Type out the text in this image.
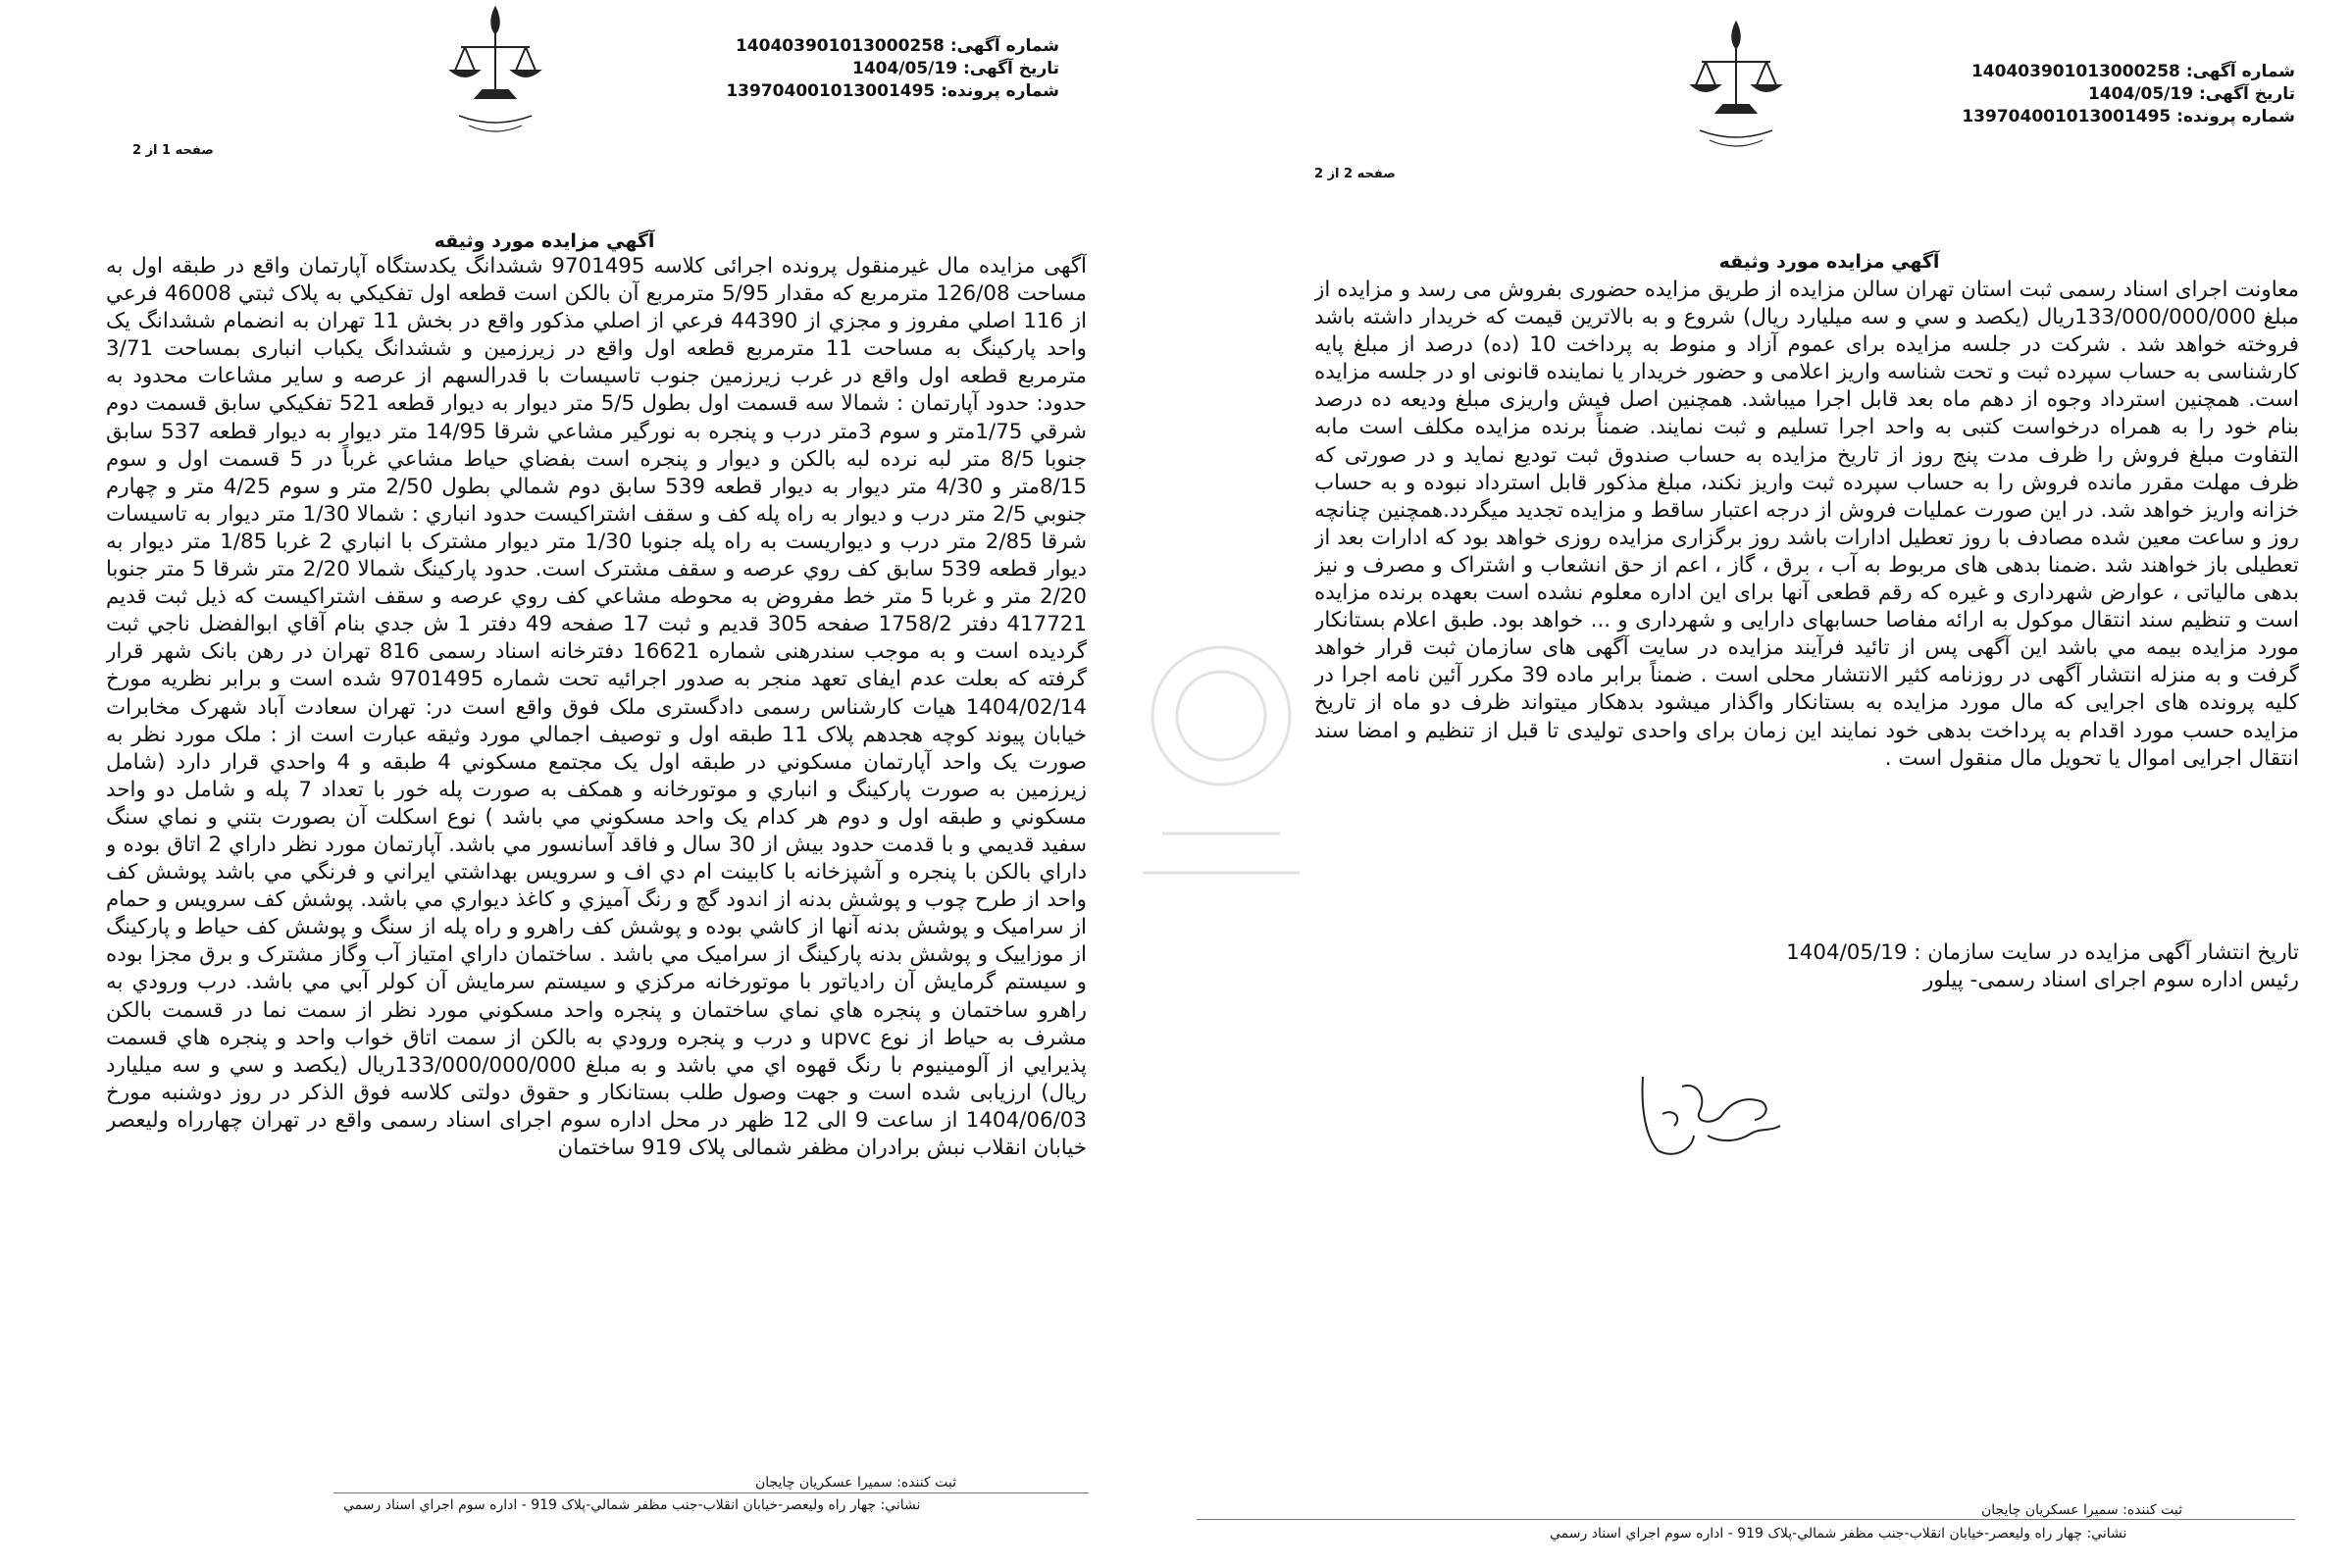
شماره آگهی: 140403901013000258
تاریخ آگهی: 1404/05/19
شماره پرونده: 139704001013001495
صفحه 1 از 2
آگهي مزايده مورد وثيقه
آگهی مزایده مال غیرمنقول پرونده اجرائی کلاسه 9701495 ششدانگ یکدستگاه آپارتمان واقع در طبقه اول به مساحت 126/08 مترمربع که مقدار 5/95 مترمربع آن بالکن است قطعه اول تفکیکي به پلاک ثبتي 46008 فرعي از 116 اصلي مفروز و مجزي از 44390 فرعي از اصلي مذکور واقع در بخش 11 تهران به انضمام ششدانگ یک واحد پارکینگ به مساحت 11 مترمربع قطعه اول واقع در زیرزمین و ششدانگ یکباب انباری بمساحت 3/71 مترمربع قطعه اول واقع در غرب زیرزمین جنوب تاسیسات با قدرالسهم از عرصه و سایر مشاعات محدود به حدود: حدود آپارتمان : شمالا سه قسمت اول بطول 5/5 متر دیوار به دیوار قطعه 521 تفکیکي سابق قسمت دوم شرقي 1/75متر و سوم 3متر درب و پنجره به نورگیر مشاعي شرقا 14/95 متر دیوار به دیوار قطعه 537 سابق جنوبا 8/5 متر لبه نرده لبه بالکن و دیوار و پنجره است بفضاي حیاط مشاعي غرباً در 5 قسمت اول و سوم 8/15متر و 4/30 متر دیوار به دیوار قطعه 539 سابق دوم شمالي بطول 2/50 متر و سوم 4/25 متر و چهارم جنوبي 2/5 متر درب و دیوار به راه پله کف و سقف اشتراکیست حدود انباري : شمالا 1/30 متر دیوار به تاسیسات شرقا 2/85 متر درب و دیواریست به راه پله جنوبا 1/30 متر دیوار مشترک با انباري 2 غربا 1/85 متر دیوار به دیوار قطعه 539 سابق کف روي عرصه و سقف مشترک است. حدود پارکینگ شمالا 2/20 متر شرقا 5 متر جنوبا 2/20 متر و غربا 5 متر خط مفروض به محوطه مشاعي کف روي عرصه و سقف اشتراکیست که ذیل ثبت قدیم 417721 دفتر 1758/2 صفحه 305 قدیم و ثبت 17 صفحه 49 دفتر 1 ش جدي بنام آقاي ابوالفضل ناجي ثبت گردیده است و به موجب سندرهنی شماره 16621 دفترخانه اسناد رسمی 816 تهران در رهن بانک شهر قرار گرفته که بعلت عدم ایفای تعهد منجر به صدور اجرائیه تحت شماره 9701495 شده است و برابر نظریه مورخ 1404/02/14 هیات کارشناس رسمی دادگستری ملک فوق واقع است در: تهران سعادت آباد شهرک مخابرات خیابان پیوند کوچه هجدهم پلاک 11 طبقه اول و توصیف اجمالي مورد وثیقه عبارت است از : ملک مورد نظر به صورت یک واحد آپارتمان مسکوني در طبقه اول یک مجتمع مسکوني 4 طبقه و 4 واحدي قرار دارد (شامل زیرزمین به صورت پارکینگ و انباري و موتورخانه و همکف به صورت پله خور با تعداد 7 پله و شامل دو واحد مسکوني و طبقه اول و دوم هر کدام یک واحد مسکوني مي باشد ) نوع اسکلت آن بصورت بتني و نماي سنگ سفید قدیمي و با قدمت حدود بیش از 30 سال و فاقد آسانسور مي باشد. آپارتمان مورد نظر داراي 2 اتاق بوده و داراي بالکن با پنجره و آشپزخانه با کابینت ام دي اف و سرویس بهداشتي ایراني و فرنگي مي باشد پوشش کف واحد از طرح چوب و پوشش بدنه از اندود گچ و رنگ آمیزي و کاغذ دیواري مي باشد. پوشش کف سرویس و حمام از سرامیک و پوشش بدنه آنها از کاشي بوده و پوشش کف راهرو و راه پله از سنگ و پوشش کف حیاط و پارکینگ از موزاییک و پوشش بدنه پارکینگ از سرامیک مي باشد . ساختمان داراي امتیاز آب وگاز مشترک و برق مجزا بوده و سیستم گرمایش آن رادیاتور با موتورخانه مرکزي و سیستم سرمایش آن کولر آبي مي باشد. درب ورودي به راهرو ساختمان و پنجره هاي نماي ساختمان و پنجره واحد مسکوني مورد نظر از سمت نما در قسمت بالکن مشرف به حیاط از نوع upvc و درب و پنجره ورودي به بالکن از سمت اتاق خواب واحد و پنجره هاي قسمت پذیرایي از آلومینیوم با رنگ قهوه اي مي باشد و به مبلغ 133/000/000/000ریال (یکصد و سي و سه میلیارد ریال) ارزیابی شده است و جهت وصول طلب بستانکار و حقوق دولتی کلاسه فوق الذکر در روز دوشنبه مورخ 1404/06/03 از ساعت 9 الی 12 ظهر در محل اداره سوم اجرای اسناد رسمی واقع در تهران چهارراه ولیعصر خیابان انقلاب نبش برادران مظفر شمالی پلاک 919 ساختمان
ثبت کننده: سمیرا عسکریان چایجان
نشاني: چهار راه وليعصر-خيابان انقلاب-جنب مظفر شمالي-پلاک 919 - اداره سوم اجراي اسناد رسمي
شماره آگهی: 140403901013000258
تاریخ آگهی: 1404/05/19
شماره پرونده: 139704001013001495
صفحه 2 از 2
آگهي مزايده مورد وثيقه
معاونت اجرای اسناد رسمی ثبت استان تهران سالن مزایده از طریق مزایده حضوری بفروش می رسد و مزایده از مبلغ 133/000/000/000ریال (یکصد و سي و سه میلیارد ریال) شروع و به بالاترین قیمت که خریدار داشته باشد فروخته خواهد شد . شرکت در جلسه مزایده برای عموم آزاد و منوط به پرداخت 10 (ده) درصد از مبلغ پایه کارشناسی به حساب سپرده ثبت و تحت شناسه واریز اعلامی و حضور خریدار یا نماینده قانونی او در جلسه مزایده است. همچنین استرداد وجوه از دهم ماه بعد قابل اجرا میباشد. همچنین اصل فیش واریزی مبلغ ودیعه ده درصد بنام خود را به همراه درخواست کتبی به واحد اجرا تسلیم و ثبت نمایند. ضمناً برنده مزایده مکلف است مابه التفاوت مبلغ فروش را ظرف مدت پنج روز از تاریخ مزایده به حساب صندوق ثبت تودیع نماید و در صورتی که ظرف مهلت مقرر مانده فروش را به حساب سپرده ثبت واریز نکند، مبلغ مذکور قابل استرداد نبوده و به حساب خزانه واریز خواهد شد. در این صورت عملیات فروش از درجه اعتبار ساقط و مزایده تجدید میگردد.همچنین چنانچه روز و ساعت معین شده مصادف با روز تعطیل ادارات باشد روز برگزاری مزایده روزی خواهد بود که ادارات بعد از تعطیلی باز خواهند شد .ضمنا بدهی های مربوط به آب ، برق ، گاز ، اعم از حق انشعاب و اشتراک و مصرف و نیز بدهی مالیاتی ، عوارض شهرداری و غیره که رقم قطعی آنها برای این اداره معلوم نشده است بعهده برنده مزایده است و تنظیم سند انتقال موکول به ارائه مفاصا حسابهای دارایی و شهرداری و ... خواهد بود. طبق اعلام بستانکار مورد مزایده بیمه مي باشد این آگهی پس از تائید فرآیند مزایده در سایت آگهی های سازمان ثبت قرار خواهد گرفت و به منزله انتشار آگهی در روزنامه کثیر الانتشار محلی است . ضمناً برابر ماده 39 مکرر آئین نامه اجرا در کلیه پرونده های اجرایی که مال مورد مزایده به بستانکار واگذار میشود بدهکار میتواند ظرف دو ماه از تاریخ مزایده حسب مورد اقدام به پرداخت بدهی خود نمایند این زمان برای واحدی تولیدی تا قبل از تنظیم و امضا سند انتقال اجرایی اموال یا تحویل مال منقول است .
تاریخ انتشار آگهی مزایده در سایت سازمان : 1404/05/19
رئیس اداره سوم اجرای اسناد رسمی- پیلور
ثبت کننده: سمیرا عسکریان چایجان
نشاني: چهار راه وليعصر-خيابان انقلاب-جنب مظفر شمالي-پلاک 919 - اداره سوم اجراي اسناد رسمي
